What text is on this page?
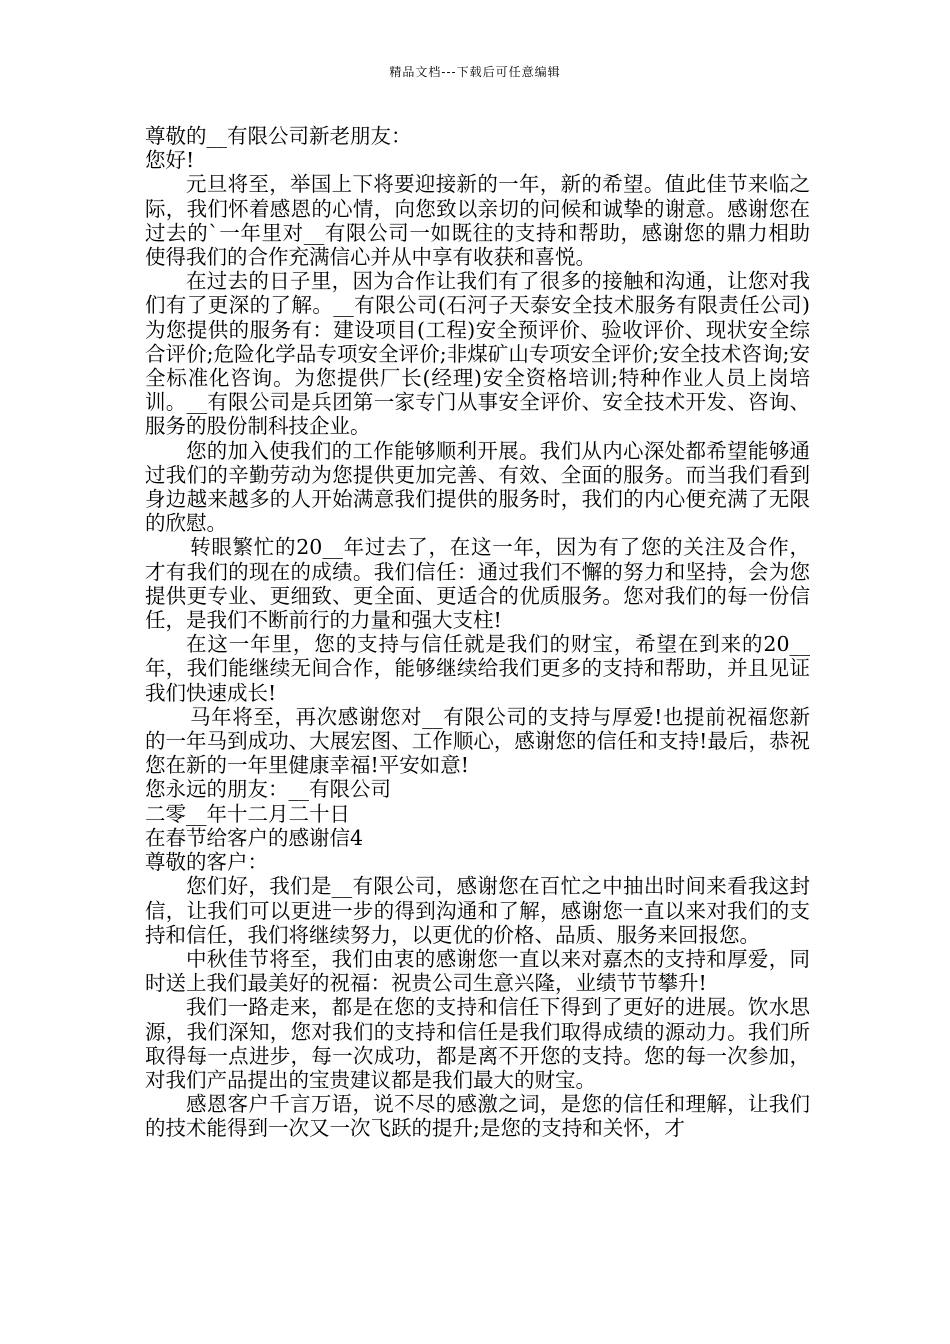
精品文档---下载后可任意编辑

尊敬的__有限公司新老朋友：

您好!

元旦将至，举国上下将要迎接新的一年，新的希望。值此佳节来临之际，我们怀着感恩的心情，向您致以亲切的问候和诚挚的谢意。感谢您在过去的`一年里对__有限公司一如既往的支持和帮助，感谢您的鼎力相助使得我们的合作充满信心并从中享有收获和喜悦。

在过去的日子里，因为合作让我们有了很多的接触和沟通，让您对我们有了更深的了解。__有限公司(石河子天泰安全技术服务有限责任公司)为您提供的服务有：建设项目(工程)安全预评价、验收评价、现状安全综合评价;危险化学品专项安全评价;非煤矿山专项安全评价;安全技术咨询;安全标准化咨询。为您提供厂长(经理)安全资格培训;特种作业人员上岗培训。__有限公司是兵团第一家专门从事安全评价、安全技术开发、咨询、服务的股份制科技企业。

您的加入使我们的工作能够顺利开展。我们从内心深处都希望能够通过我们的辛勤劳动为您提供更加完善、有效、全面的服务。而当我们看到身边越来越多的人开始满意我们提供的服务时，我们的内心便充满了无限的欣慰。

转眼繁忙的20__年过去了，在这一年，因为有了您的关注及合作，才有我们的现在的成绩。我们信任：通过我们不懈的努力和坚持，会为您提供更专业、更细致、更全面、更适合的优质服务。您对我们的每一份信任，是我们不断前行的力量和强大支柱!

在这一年里，您的支持与信任就是我们的财宝，希望在到来的20__年，我们能继续无间合作，能够继续给我们更多的支持和帮助，并且见证我们快速成长!

马年将至，再次感谢您对__有限公司的支持与厚爱!也提前祝福您新的一年马到成功、大展宏图、工作顺心，感谢您的信任和支持!最后，恭祝您在新的一年里健康幸福!平安如意!

您永远的朋友：__有限公司

二零__年十二月二十日

在春节给客户的感谢信4

尊敬的客户：

您们好，我们是__有限公司，感谢您在百忙之中抽出时间来看我这封信，让我们可以更进一步的得到沟通和了解，感谢您一直以来对我们的支持和信任，我们将继续努力，以更优的价格、品质、服务来回报您。

中秋佳节将至，我们由衷的感谢您一直以来对嘉杰的支持和厚爱，同时送上我们最美好的祝福：祝贵公司生意兴隆，业绩节节攀升!

我们一路走来，都是在您的支持和信任下得到了更好的进展。饮水思源，我们深知，您对我们的支持和信任是我们取得成绩的源动力。我们所取得每一点进步，每一次成功，都是离不开您的支持。您的每一次参加，对我们产品提出的宝贵建议都是我们最大的财宝。

感恩客户千言万语，说不尽的感激之词，是您的信任和理解，让我们的技术能得到一次又一次飞跃的提升;是您的支持和关怀，才
